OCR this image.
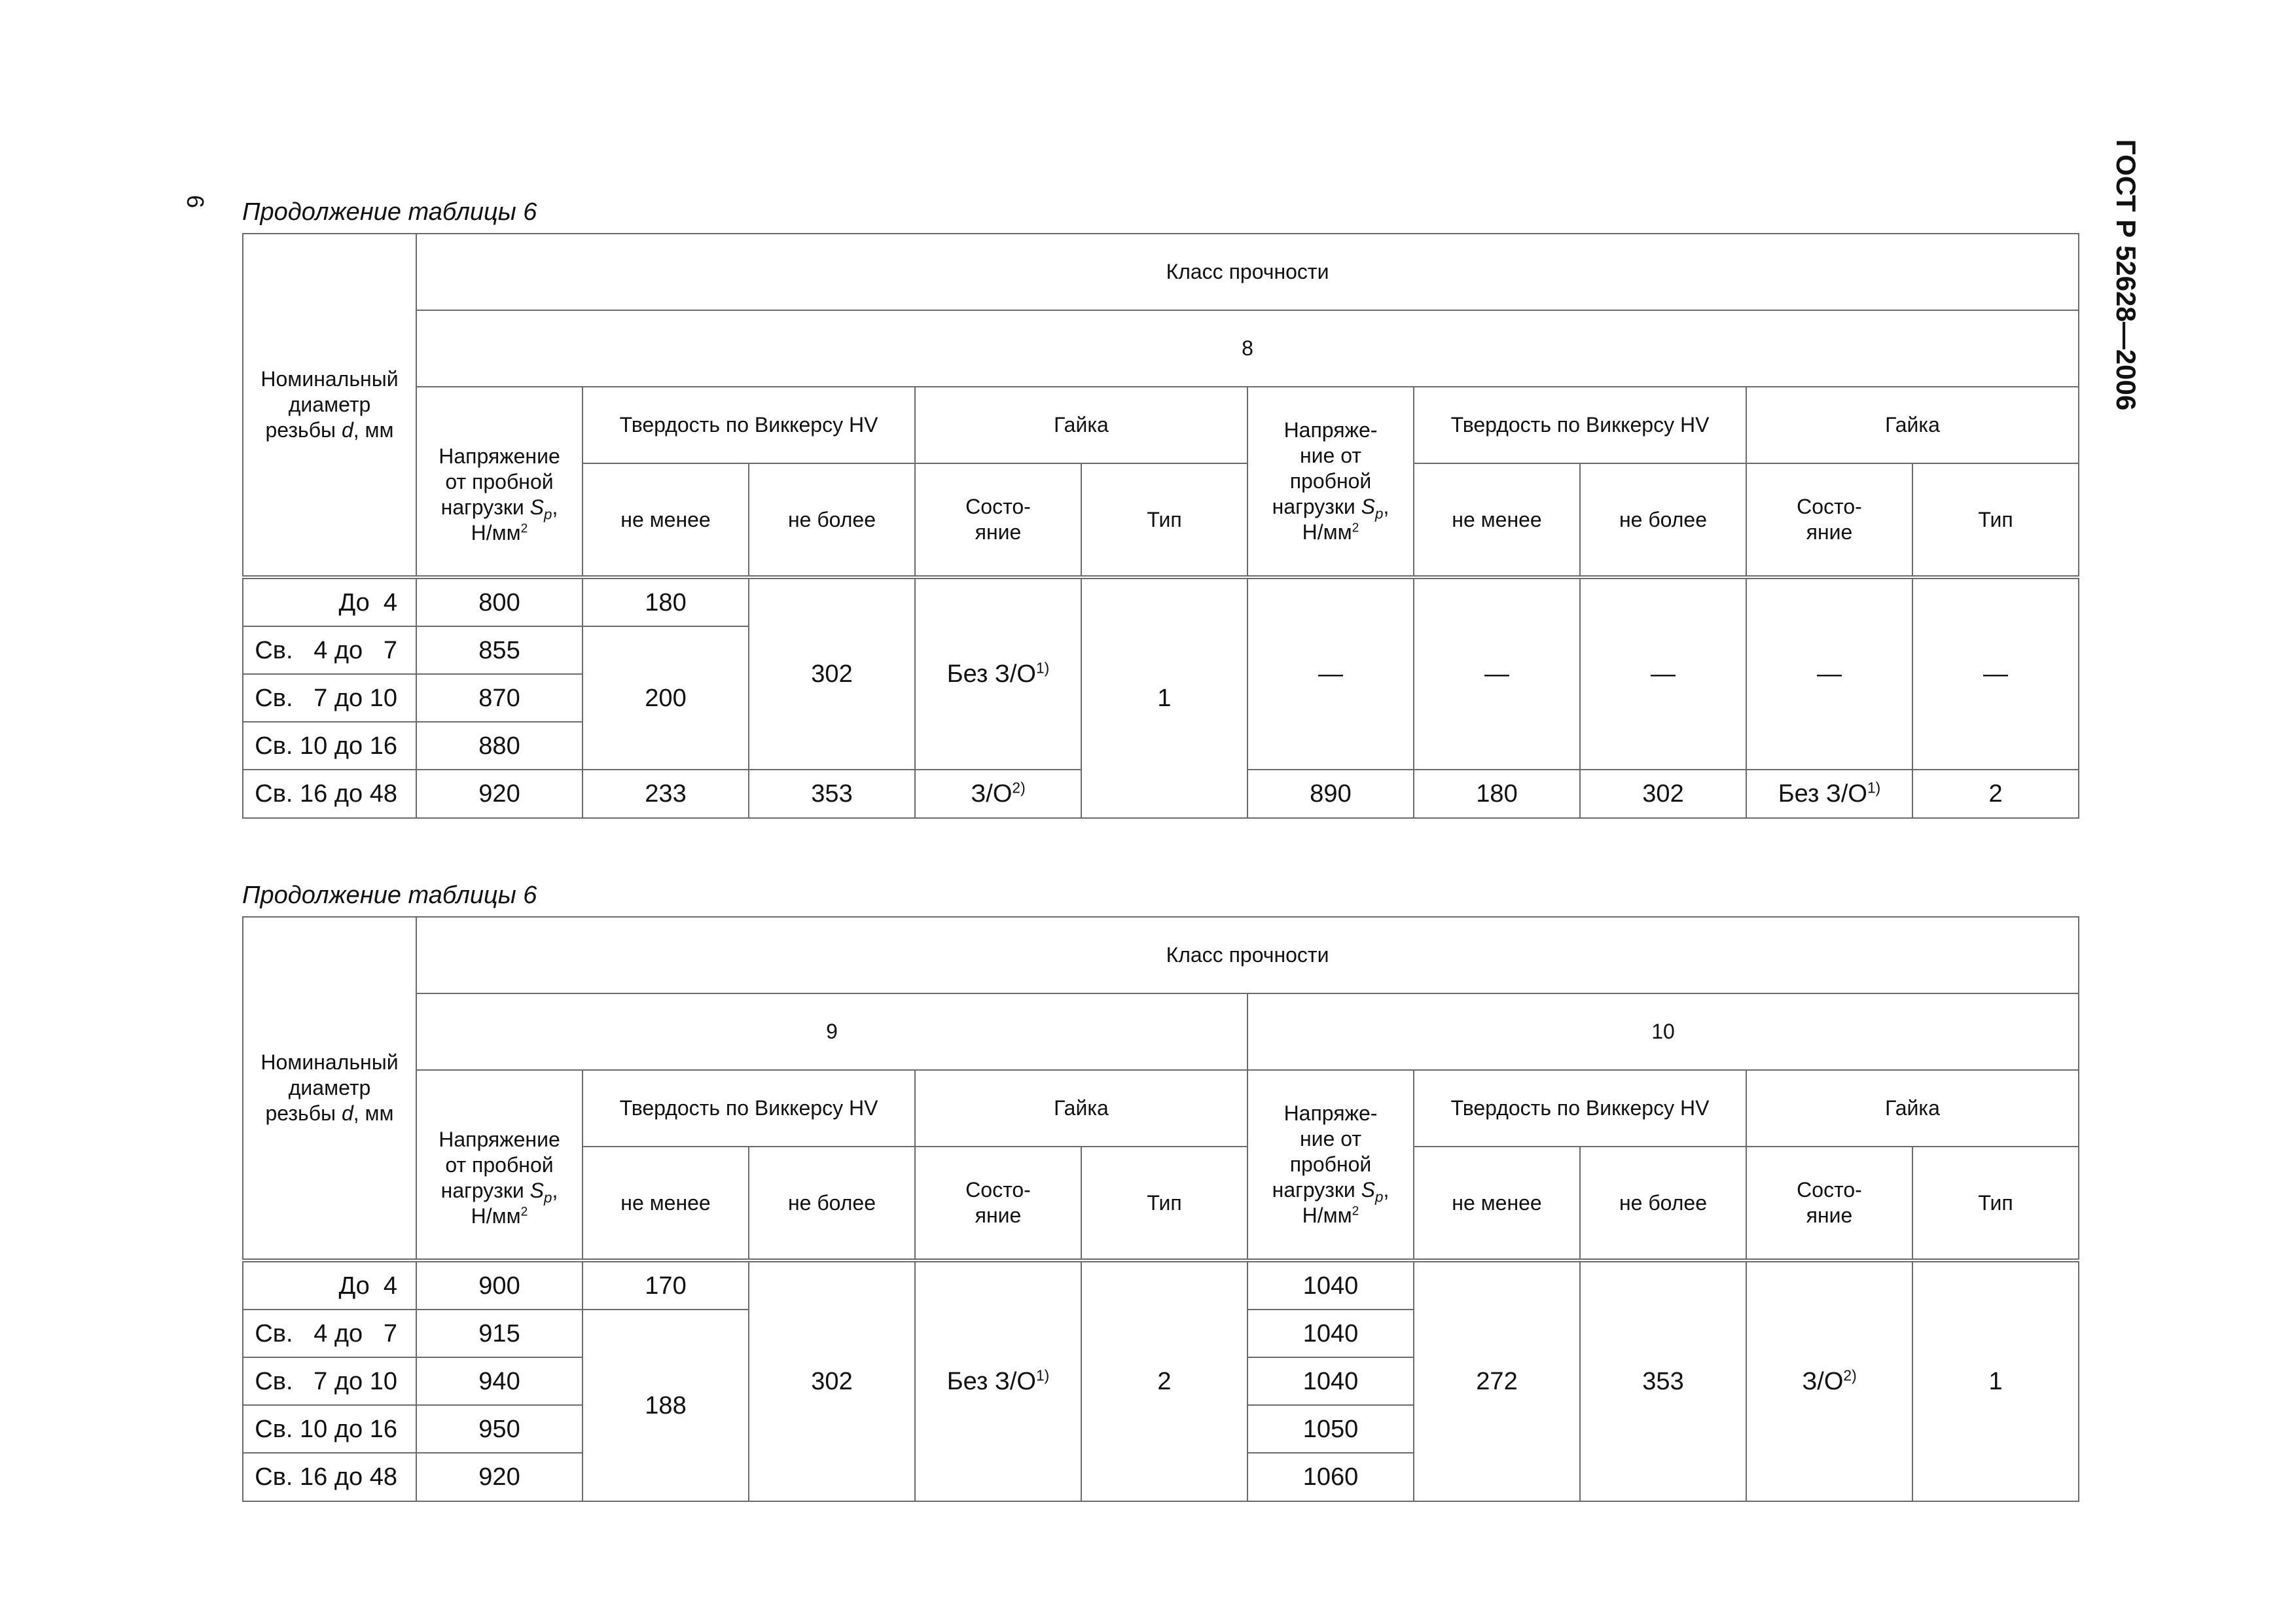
6	ГОСТ Р 52628—2006
Продолжение таблицы 6
Номинальный
диаметр
резьбы d, мм	Класс прочности									
	8									
	Напряжение
от пробной
нагрузки $S_p$,
$Н/мм^2$	Твердость по Виккерсу HV		Гайка		Напряже-
ние от
пробной
нагрузки $S_p$,
$Н/мм^2$	Твердость по Виккерсу HV		Гайка	
		не менее	не более	Состо-
яние	Тип		не менее	не более	Состо-
яние	Тип
До  4	800	180	302	Без $З/О^{1)}$	1	—	—	—	—	—
Св.   4 до   7	855	200								
Св.   7 до 10	870									
Св. 10 до 16	880									
Св. 16 до 48	920	233	353	$З/О^{2)}$		890	180	302	Без $З/О^{1)}$	2
Продолжение таблицы 6
Номинальный
диаметр
резьбы d, мм	Класс прочности									
	9					10				
	Напряжение
от пробной
нагрузки $S_p$,
$Н/мм^2$	Твердость по Виккерсу HV		Гайка		Напряже-
ние от
пробной
нагрузки $S_p$,
$Н/мм^2$	Твердость по Виккерсу HV		Гайка	
		не менее	не более	Состо-
яние	Тип		не менее	не более	Состо-
яние	Тип
До  4	900	170	302	Без $З/О^{1)}$	2	1040	272	353	$З/О^{2)}$	1
Св.   4 до   7	915	188				1040				
Св.   7 до 10	940					1040				
Св. 10 до 16	950					1050				
Св. 16 до 48	920					1060				
